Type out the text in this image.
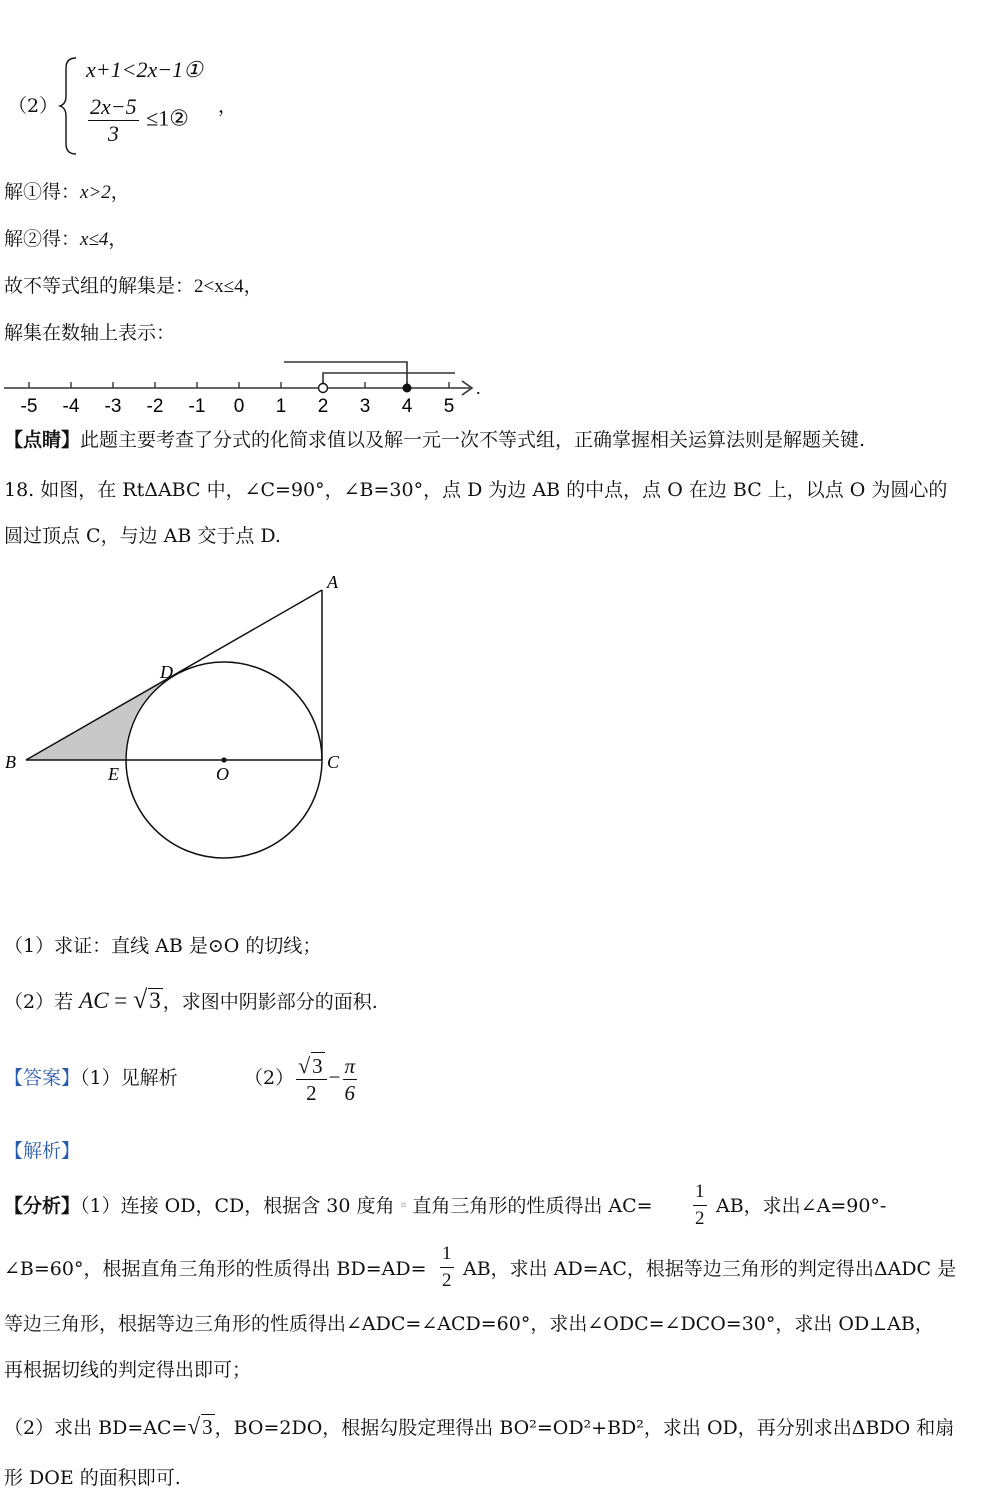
（2）
x+1<2x−1①
$\frac{2x-5}{3}$ ≤1② ，
解①得：x>2，
解②得：x≤4，
故不等式组的解集是：2<x≤4，
解集在数轴上表示：
-5 -4 -3 -2 -1 0 1 2 3 4 5
.
【点睛】此题主要考查了分式的化简求值以及解一元一次不等式组，正确掌握相关运算法则是解题关键.
18. 如图，在 RtΔABC 中，∠C=90°，∠B=30°，点 D 为边 AB 的中点，点 O 在边 BC 上，以点 O 为圆心的
圆过顶点 C，与边 AB 交于点 D.
A
B	C
D
E	O
（1）求证：直线 AB 是⊙O 的切线；
（2）若 AC = √3 ，求图中阴影部分的面积.
【答案】（1）见解析	$(2) \frac{√3}{2} - \frac{\pi}{6}$
【解析】
【分析】（1）连接 OD，CD，根据含 30 度角 ¤ 直角三角形的性质得出 $AC= \frac{1}{2}$ AB，求出∠A=90°-
∠B=60°，根据直角三角形的性质得出 $BD=AD= \frac{1}{2}$ AB，求出 AD=AC，根据等边三角形的判定得出ΔADC 是
等边三角形，根据等边三角形的性质得出∠ADC=∠ACD=60°，求出∠ODC=∠DCO=30°，求出 OD⊥AB，
再根据切线的判定得出即可；
（2）求出 BD=AC=√3 ，BO=2DO，根据勾股定理得出 BO²=OD²+BD²，求出 OD，再分别求出ΔBDO 和扇
形 DOE 的面积即可.
